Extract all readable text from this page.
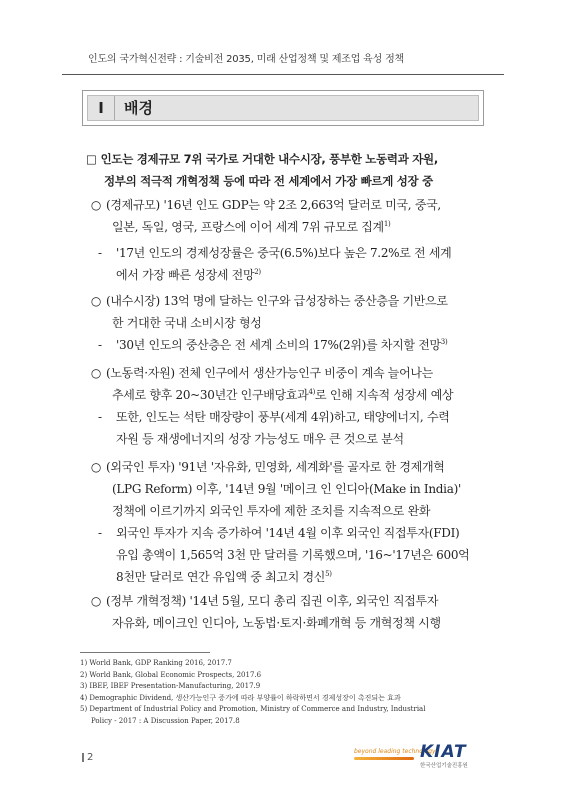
인도의 국가혁신전략 : 기술비전 2035, 미래 산업정책 및 제조업 육성 정책
Ⅰ	배경
□ 인도는 경제규모 7위 국가로 거대한 내수시장, 풍부한 노동력과 자원,
정부의 적극적 개혁정책 등에 따라 전 세계에서 가장 빠르게 성장 중
○ (경제규모) '16년 인도 GDP는 약 2조 2,663억 달러로 미국, 중국,
일본, 독일, 영국, 프랑스에 이어 세계 7위 규모로 집계$^{1)}$
- '17년 인도의 경제성장률은 중국(6.5%)보다 높은 7.2%로 전 세계
에서 가장 빠른 성장세 전망$^{2)}$
○ (내수시장) 13억 명에 달하는 인구와 급성장하는 중산층을 기반으로
한 거대한 국내 소비시장 형성
- '30년 인도의 중산층은 전 세계 소비의 17%(2위)를 차지할 전망$^{3)}$
○ (노동력·자원) 전체 인구에서 생산가능인구 비중이 계속 늘어나는
추세로 향후 20~30년간 인구배당효과$^{4)}$로 인해 지속적 성장세 예상
- 또한, 인도는 석탄 매장량이 풍부(세계 4위)하고, 태양에너지, 수력
자원 등 재생에너지의 성장 가능성도 매우 큰 것으로 분석
○ (외국인 투자) '91년 '자유화, 민영화, 세계화'를 골자로 한 경제개혁
(LPG Reform) 이후, '14년 9월 '메이크 인 인디아(Make in India)'
정책에 이르기까지 외국인 투자에 제한 조치를 지속적으로 완화
- 외국인 투자가 지속 증가하여 '14년 4월 이후 외국인 직접투자(FDI)
유입 총액이 1,565억 3천 만 달러를 기록했으며, '16~'17년은 600억
8천만 달러로 연간 유입액 중 최고치 경신$^{5)}$
○ (정부 개혁정책) '14년 5월, 모디 총리 집권 이후, 외국인 직접투자
자유화, 메이크인 인디아, 노동법·토지·화폐개혁 등 개혁정책 시행
1) World Bank, GDP Ranking 2016, 2017.7
2) World Bank, Global Economic Prospects, 2017.6
3) IBEF, IBEF Presentation-Manufacturing, 2017.9
4) Demographic Dividend, 생산가능인구 증가에 따라 부양률이 하락하면서 경제성장이 촉진되는 효과
5) Department of Industrial Policy and Promotion, Ministry of Commerce and Industry, Industrial
Policy - 2017 : A Discussion Paper, 2017.8
2
beyond leading technology
KIAT
한국산업기술진흥원
